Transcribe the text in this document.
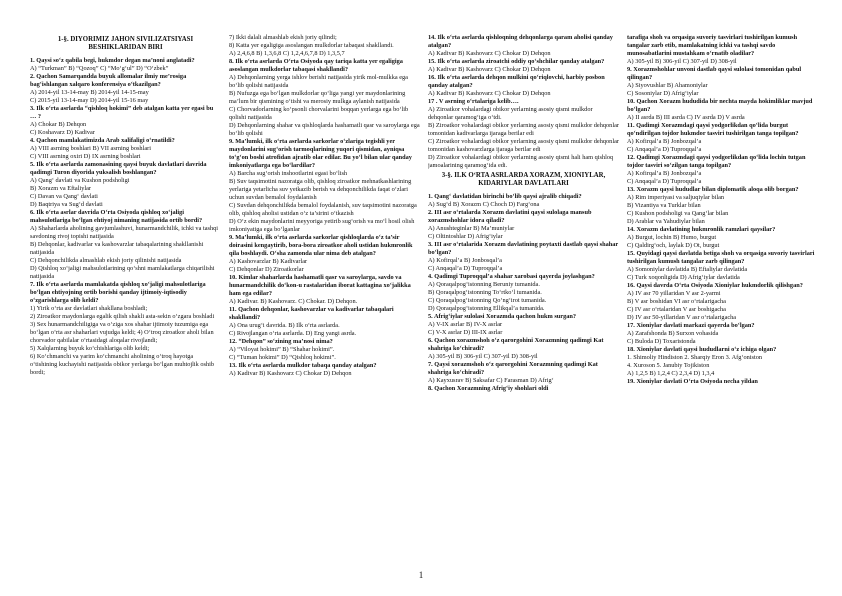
1-§. DIYORIMIZ JAHON SIVILIZATSIYASI BESHIKLARIDAN BIRI
1. Qaysi so‘z qabila begi, hukmdor degan ma’noni anglatadi?
A) “Turkman” B) “Qozoq” C) “Mo‘g‘ul” D) “O‘zbek”
2. Qachon Samarqandda buyuk allomalar ilmiy me’rosiga bag‘ishlangan xalqaro konferensiya o‘tkazilgan?
A) 2014-yil 13-14-may B) 2014-yil 14-15-may
C) 2015-yil 13-14-may D) 2014-yil 15-16 may
3. Ilk o‘rta asrlarda “qishloq hokimi” deb atalgan katta yer egasi bu … ?
A) Chokar B) Dehqon
C) Koshavarz D) Kadivar
4. Qachon mamlakatimizda Arab xalifaligi o‘rnatildi?
A) VIII asrning boshlari B) VII asrning boshlari
C) VIII asrning oxiri D) IX asrning boshlari
5. Ilk o‘rta asrlarda zamonasining qaysi buyuk davlatlari davrida qadimgi Turon diyorida yuksalish boshlangan?
A) Qang‘ davlati va Kushon podsholigi
B) Xorazm va Eftaliylar
C) Davan va Qang‘ davlati
D) Baqtriya va Sug‘d davlati
6. Ilk o‘rta asrlar davrida O‘rta Osiyoda qishloq xo‘jaligi mahsulotlariga bo‘lgan ehtiyoj nimaning natijasida ortib bordi?
A) Shaharlarda aholining gavjumlashuvi, hunarmandchilik, ichki va tashqi savdoning rivoj topishi natijasida
B) Dehqonlar, kadivarlar va kashovarzlar tabaqalarining shakllanishi natijasida
C) Dehqonchilikda almashlab ekish joriy qilinishi natijasida
D) Qishloq xo‘jaligi mahsulotlarining qo‘shni mamlakatlarga chiqarilishi natijasida
7. Ilk o‘rta asrlarda mamlakatda qishloq xo‘jaligi mahsulotlariga bo‘lgan ehtiyojning ortib borishi qanday ijtimoiy-iqtisodiy o‘zgarishlarga olib keldi?
1) Yirik o‘rta asr davlatlari shakllana boshladi;
2) Ziroatkor maydonlarga egalik qilish shakli asta-sekin o‘zgara boshladi
3) Sex hunarmandchiligiga va o‘ziga xos shahar ijtimoiy tuzumiga ega bo‘lgan o‘rta asr shaharlari vujudga keldi; 4) O‘troq ziroatkor aholi bilan chorvador qabilalar o‘rtasidagi aloqalar rivojlandi;
5) Xalqlarning buyuk ko‘chishlariga olib keldi;
6) Ko‘chmanchi va yarim ko‘chmanchi aholining o‘troq hayotga o‘tishining kuchayishi natijasida obikor yerlarga bo‘lgan muhtojlik oshib bordi;
7) Ikki dalali almashlab ekish joriy qilindi;
8) Katta yer egaligiga asoslangan mulkdorlar tabaqasi shakllandi.
A) 2,4,6,8 B) 1,3,6,8 C) 1,2,4,6,7,8 D) 1,3,5,7
8. Ilk o‘rta asrlarda O‘rta Osiyoda qay tariqa katta yer egaligiga asoslangan mulkdorlar tabaqasi shakllandi?
A) Dehqonlarning yerga ishlov berishi natijasida yirik mol-mulkka ega bo‘lib qolishi natijasida
B) Nufuzga ega bo‘lgan mulkdorlar qo‘liga yangi yer maydonlarining ma’lum bir qismining o‘tishi va merosiy mulkga aylanish natijasida
C) Chorvadorlarning ko‘psonli chorvalarini boqqan yerlarga ega bo‘lib qolishi natijasida
D) Dehqonlarning shahar va qishloqlarda hashamatli qasr va saroylarga ega bo‘lib qolishi
9. Ma’lumki, ilk o‘rta asrlarda sarkorlar o‘zlariga tegishli yer maydonlarini sug‘orish tarmoqlarining yuqori qismidan, ayniqsa to‘g‘on boshi atrofidan ajratib olar edilar. Bu yo‘l bilan ular qanday imkoniyatlarga ega bo‘lardilar?
A) Barcha sug‘orish inshootlarini egasi bo‘lish
B) Suv taqsimotini nazoratga olib, qishloq ziroatkor mehnatkashlarining yerlariga yetarlicha suv yetkazib berish va dehqonchilikda faqat o‘zlari uchun suvdan bemalol foydalanish
C) Suvdan dehqonchilikda bemalol foydalanish, suv taqsimotini nazoratga olib, qishloq aholisi ustidan o‘z ta’sirini o‘tkazish
D) O‘z ekin maydonlarini meyyoriga yetirib sug‘orish va mo‘l hosil olish imkoniyatiga ega bo‘lganlar
9. Ma’lumki, ilk o‘rta asrlarda sarkorlar qishloqlarda o‘z ta’sir doirasini kengaytirib, bora-bora ziroatkor aholi ustidan hukmronlik qila boshlaydi. O‘sha zamonda ular nima deb atalgan?
A) Kashovarzlar B) Kadivarlar
C) Dehqonlar D) Ziroatkorlar
10. Kimlar shaharlarda hashamatli qasr va saroylarga, savdo va hunarmandchilik do‘kon-u rastalaridan iborat kattagina xo‘jalikka ham ega edilar?
A) Kadivar. B) Kashovarz. C) Chokar. D) Dehqon.
11. Qachon dehqonlar, kashovarzlar va kadivarlar tabaqalari shakllandi?
A) Ona urug‘i davrida. B) Ilk o‘rta asrlarda.
C) Rivojlangan o‘rta asrlarda. D) Eng yangi asrda.
12. “Dehqon” so‘zining ma’nosi nima?
A) “Viloyat hokimi” B) “Shahar hokimi”.
C) “Tuman hokimi” D) “Qishloq hokimi”.
13. Ilk o‘rta asrlarda mulkdor tabaqa qanday atalgan?
A) Kadivar B) Kashovarz C) Chokar D) Dehqon
14. Ilk o‘rta asrlarda qishloqning dehqonlarga qaram aholisi qanday atalgan?
A) Kadivar B) Kashovarz C) Chokar D) Dehqon
15. Ilk o‘rta asrlarda ziroatchi oddiy qo‘shchilar qanday atalgan?
A) Kadivar B) Kashovarz C) Chokar D) Dehqon
16. Ilk o‘rta asrlarda dehqon mulkini qo‘riqlovchi, harbiy posbon qanday atalgan?
A) Kadivar B) Kashovarz C) Chokar D) Dehqon
17 . V asrning o‘rtalariga kelib….
A) Ziroatkor vohalardagi obikor yerlarning asosiy qismi mulkdor dehqonlar qaramog‘iga o‘tdi.
B) Ziroatkor vohalardagi obikor yerlarning asosiy qismi mulkdor dehqonlar tomonidan kadivarlarga ijaraga berilar edi
C) Ziroatkor vohalardagi obikor yerlarning asosiy qismi mulkdor dehqonlar tomonidan kashovarzlarga ijaraga berilar edi
D) Ziroatkor vohalardagi obikor yerlarning asosiy qismi hali ham qishloq jamoalarining qaramog‘ida edi.
3-§. ILK O‘RTA ASRLARDA XORAZM, XIONIYLAR, KIDARIYLAR DAVLATLARI
1. Qang‘ davlatidan birinchi bo‘lib qaysi ajralib chiqadi?
A) Sug‘d B) Xorazm C) Choch D) Farg‘ona
2. III asr o‘rtalarda Xorazm davlatini qaysi sulolaga mansub xorazmshohlar idora qiladi?
A) Anushteginlar B) Ma’muniylar
C) Oltintoshlar D) Afrig‘iylar
3. III asr o‘rtalarida Xorazm davlatining poytaxti dastlab qaysi shahar bo‘lgan?
A) Kofirqal’a B) Jonbosqal’a
C) Anqaqal’a D) Tuproqqal’a
4. Qadimgi Tuproqqal’a shahar xarobasi qayerda joylashgan?
A) Qoraqalpog‘istonning Beruniy tumanida.
B) Qoraqalpog‘istonning To‘rtko‘l tumanida.
C) Qoraqalpog‘istonning Qo‘ng‘irot tumanida.
D) Qoraqalpog‘istonning Ellikqal’a tumanida.
5. Afrig‘iylar sulolasi Xorazmda qachon hukm surgan?
A) V-IX asrlar B) IV-X asrlar
C) V-X asrlar D) III-IX asrlar
6. Qachon xorazmshoh o‘z qarorgohini Xorazmning qadimgi Kat shahriga ko‘chiradi?
A) 305-yil B) 306-yil C) 307-yil D) 308-yil
7. Qaysi xorazmshoh o‘z qarorgohini Xorazmning qadimgi Kat shahriga ko‘chiradi?
A) Kayxusrav B) Saksafar C) Farasman D) Afrig‘
8. Qachon Xorazmning Afrig‘iy shohlari oldi
tarafiga shoh va orqasiga suvoriy tasvirlari tushirilgan kumush tangalar zarb etib, mamlakatning ichki va tashqi savdo munosabatlarini mustahkam o‘rnatib oladilar?
A) 305-yil B) 306-yil C) 307-yil D) 308-yil
9. Xorazmshohlar unvoni dastlab qaysi sulolasi tomonidan qabul qilingan?
A) Siyovushlar B) Ahamoniylar
C) Sosoniylar D) Afrig‘iylar
10. Qachon Xorazm hududida bir nechta mayda hokimliklar mavjud bo‘lgan?
A) II asrda B) III asrda C) IV asrda D) V asrda
11. Qadimgi Xorazmdagi qaysi yodgorlikdan qo‘lida burgut qo‘ndirilgan tojdor hukmdor tasviri tushirilgan tanga topilgan?
A) Kofirqal’a B) Jonbozqal’a
C) Anqaqal’a D) Tuproqqal’a
12. Qadimgi Xorazmdagi qaysi yodgorlikdan qo‘lida lochin tutgan tojdor tasviri so‘zilgan tanga topilgan?
A) Kofirqal’a B) Jonbozqal’a
C) Anqaqal’a D) Tuproqqal’a
13. Xorazm qaysi hududlar bilan diplomatik aloqa olib borgan?
A) Rim imperiyasi va saljuqiylar bilan
B) Vizantiya va Turklar bilan
C) Kushon podsholigi va Qang‘lar bilan
D) Arablar va Yahudiylar bilan
14. Xorazm davlatining hukmronlik ramzlari qaysilar?
A) Burgut, lochin B) Humo, burgut
C) Qaldirg‘och, laylak D) Ot, burgut
15. Quyidagi qaysi davlatda betiga shoh va orqasiga suvoriy tasvirlari tushirilgan kumush tangalar zarb qilingan?
A) Somoniylar davlatida B) Eftaliylar davlatida
C) Turk xoqonligida D) Afrig‘iylar davlatida
16. Qaysi davrda O‘rta Osiyoda Xioniylar hukmdorlik qilishgan?
A) IV asr 70 yillaridan V asr 2-yarmi
B) V asr boshidan VI asr o‘rtalarigacha
C) IV asr o‘rtalaridan V asr boshigacha
D) IV asr 50-yillaridan V asr o‘rtalarigacha
17. Xioniylar davlati markazi qayerda bo‘lgan?
A) Zarafshonda B) Surxon vohasida
C) Buloda D) Toxaristonda
18. Xioniylar davlati qaysi hududlarni o‘z ichiga olgan?
1. Shimoliy Hindiston 2. Sharqiy Eron 3. Afg‘oniston
4. Xuroson 5. Janubiy Tojikiston
A) 1,2,5 B) 1,2,4 C) 2,3,4 D) 1,3,4
19. Xioniylar davlati O‘rta Osiyoda necha yildan
1
